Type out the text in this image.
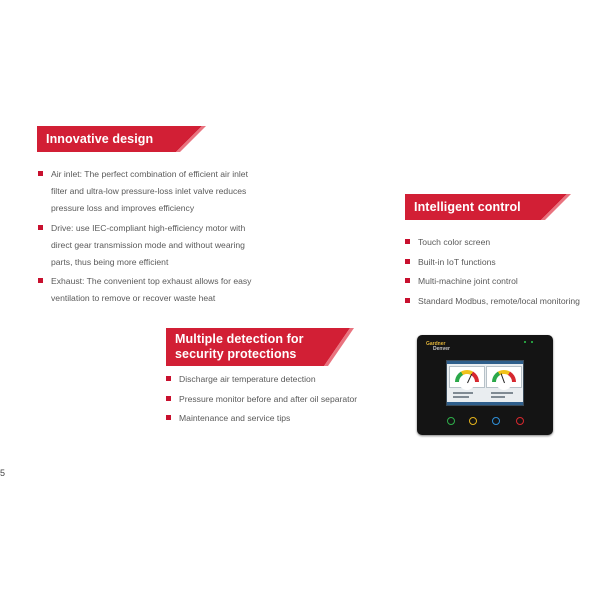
Innovative design
Air inlet: The perfect combination of efficient air inlet
filter and ultra-low pressure-loss inlet valve reduces
pressure loss and improves efficiency
Drive: use IEC-compliant high-efficiency motor with
direct gear transmission mode and without wearing
parts, thus being more efficient
Exhaust: The convenient top exhaust allows for easy
ventilation to remove or recover waste heat
Intelligent control
Touch color screen
Built-in IoT functions
Multi-machine joint control
Standard Modbus, remote/local monitoring
Gardner
Denver
Multiple detection for
security protections
Discharge air temperature detection
Pressure monitor before and after oil separator
Maintenance and service tips
5
